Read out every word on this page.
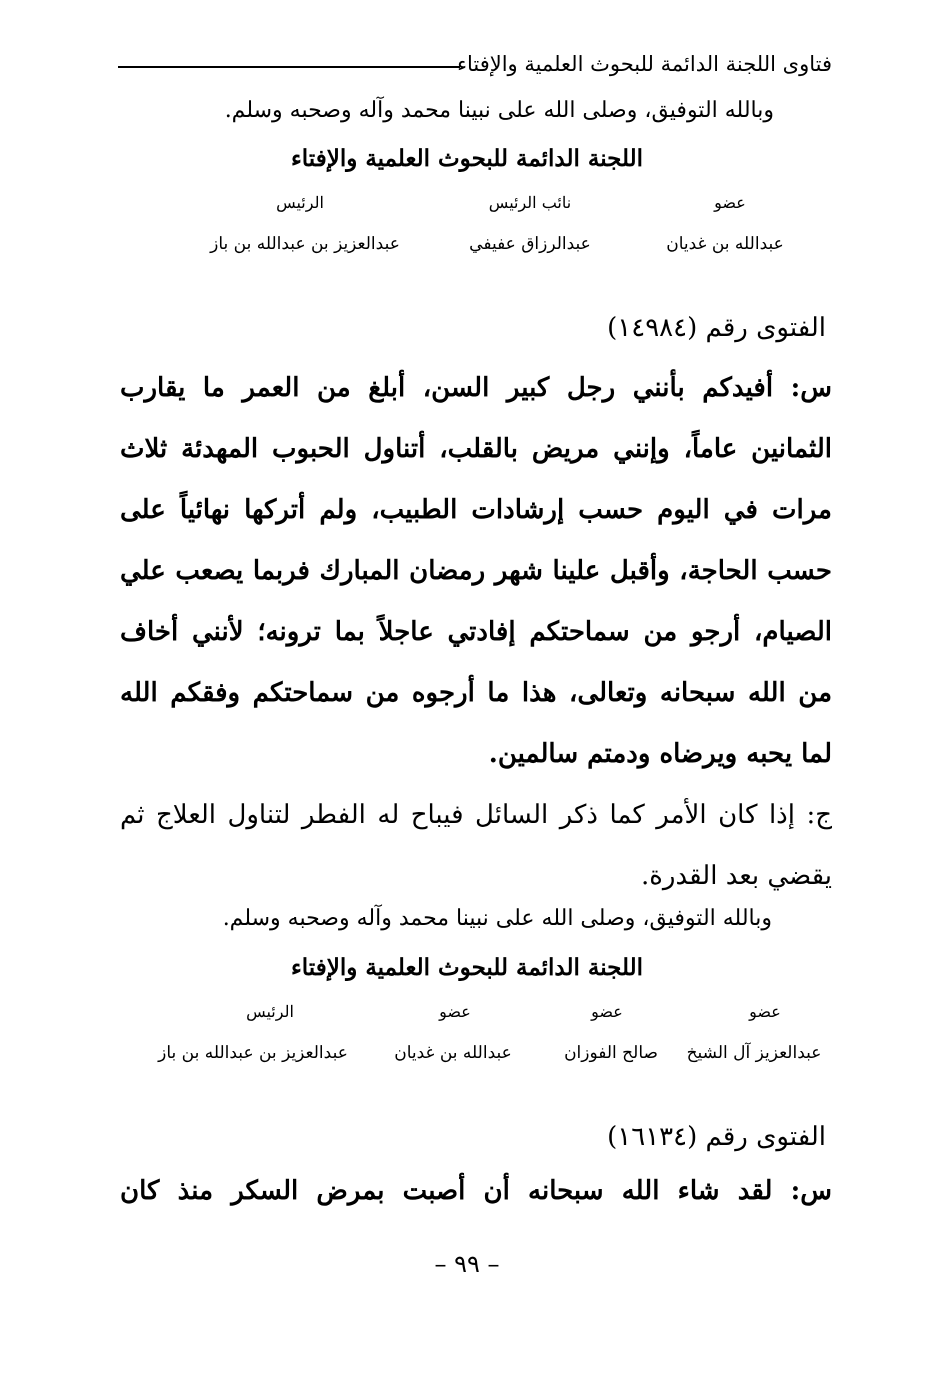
فتاوى اللجنة الدائمة للبحوث العلمية والإفتاء
وبالله التوفيق، وصلى الله على نبينا محمد وآله وصحبه وسلم.
اللجنة الدائمة للبحوث العلمية والإفتاء
عضو
نائب الرئيس
الرئيس
عبدالله بن غديان
عبدالرزاق عفيفي
عبدالعزيز بن عبدالله بن باز
الفتوى رقم (١٤٩٨٤)
س: أفيدكم بأنني رجل كبير السن، أبلغ من العمر ما يقارب الثمانين عاماً، وإنني مريض بالقلب، أتناول الحبوب المهدئة ثلاث مرات في اليوم حسب إرشادات الطبيب، ولم أتركها نهائياً على حسب الحاجة، وأقبل علينا شهر رمضان المبارك فربما يصعب علي الصيام، أرجو من سماحتكم إفادتي عاجلاً بما ترونه؛ لأنني أخاف من الله سبحانه وتعالى، هذا ما أرجوه من سماحتكم وفقكم الله لما يحبه ويرضاه ودمتم سالمين.
ج: إذا كان الأمر كما ذكر السائل فيباح له الفطر لتناول العلاج ثم يقضي بعد القدرة.
وبالله التوفيق، وصلى الله على نبينا محمد وآله وصحبه وسلم.
اللجنة الدائمة للبحوث العلمية والإفتاء
عضو
عضو
عضو
الرئيس
عبدالعزيز آل الشيخ
صالح الفوزان
عبدالله بن غديان
عبدالعزيز بن عبدالله بن باز
الفتوى رقم (١٦١٣٤)
س: لقد شاء الله سبحانه أن أصبت بمرض السكر منذ كان
– ٩٩ –
